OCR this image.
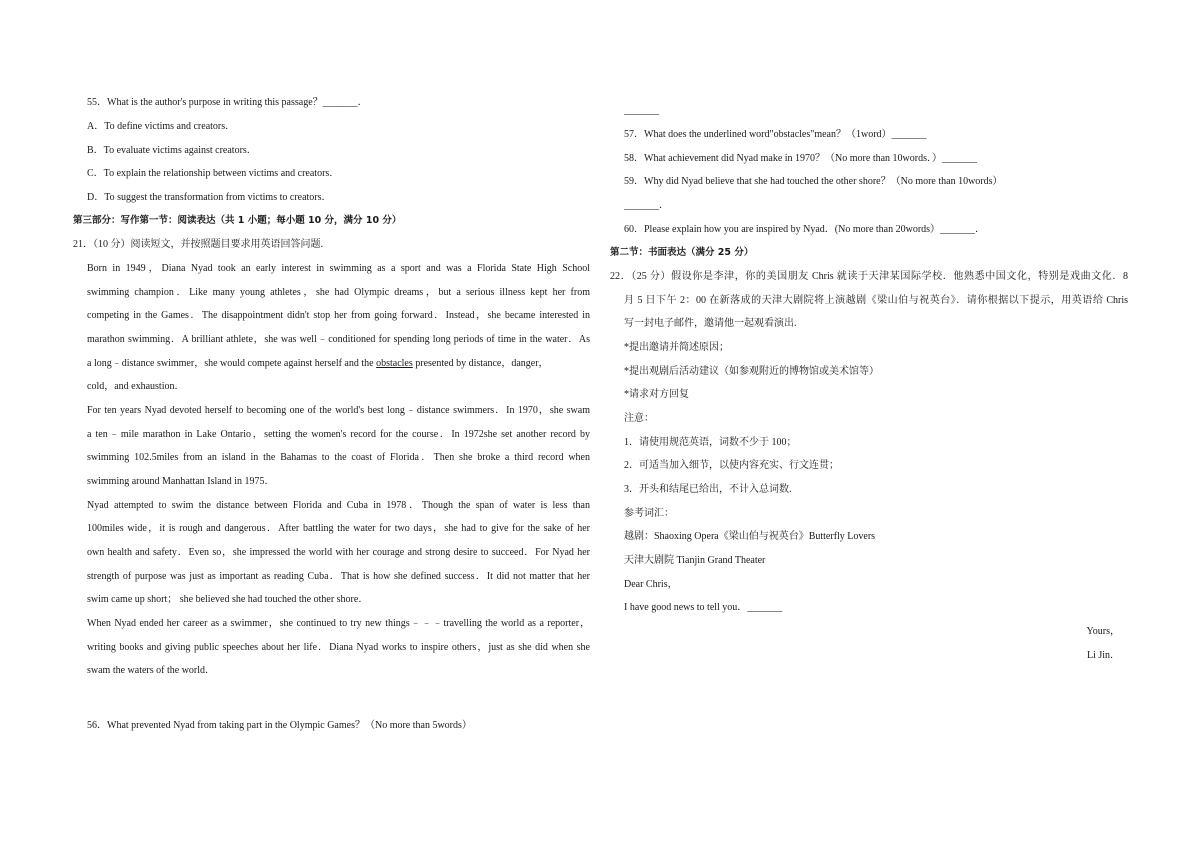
55．What is the author's purpose in writing this passage？_______．
A．To define victims and creators．
B．To evaluate victims against creators．
C．To explain the relationship between victims and creators．
D．To suggest the transformation from victims to creators．
第三部分：写作第一节：阅读表达（共 1 小题；每小题 10 分，满分 10 分）
21．（10 分）阅读短文，并按照题目要求用英语回答问题.
Born in 1949，Diana Nyad took an early interest in swimming as a sport and was a Florida State High School
swimming champion．Like many young athletes，she had Olympic dreams，but a serious illness kept her from
competing in the Games．The disappointment didn't stop her from going forward．Instead，she became interested in
marathon swimming．A brilliant athlete，she was well﹣conditioned for spending long periods of time in the water．As
a long﹣distance swimmer，she would compete against herself and the obstacles presented by distance，danger，
cold，and exhaustion．
For ten years Nyad devoted herself to becoming one of the world's best long﹣distance swimmers．In 1970，she swam
a ten﹣mile marathon in Lake Ontario，setting the women's record for the course．In 1972she set another record by
swimming 102.5miles from an island in the Bahamas to the coast of Florida．Then she broke a third record when
swimming around Manhattan Island in 1975．
Nyad attempted to swim the distance between Florida and Cuba in 1978．Though the span of water is less than
100miles wide，it is rough and dangerous．After battling the water for two days，she had to give for the sake of her
own health and safety．Even so，she impressed the world with her courage and strong desire to succeed．For Nyad her
strength of purpose was just as important as reading Cuba．That is how she defined success．It did not matter that her
swim came up short； she believed she had touched the other shore．
When Nyad ended her career as a swimmer，she continued to try new things﹣﹣﹣travelling the world as a reporter，
writing books and giving public speeches about her life．Diana Nyad works to inspire others，just as she did when she
swam the waters of the world．
56．What prevented Nyad from taking part in the Olympic Games？（No more than 5words）
_______
57．What does the underlined word"obstacles"mean？（1word）_______
58．What achievement did Nyad make in 1970？（No more than 10words．）_______
59．Why did Nyad believe that she had touched the other shore？（No more than 10words）
_______．
60．Please explain how you are inspired by Nyad．(No more than 20words）_______．
第二节：书面表达（满分 25 分）
22．（25 分）假设你是李津，你的美国朋友 Chris 就读于天津某国际学校．他熟悉中国文化，特别是戏曲文化．8
月 5 日下午 2：00 在新落成的天津大剧院将上演越剧《梁山伯与祝英台》．请你根据以下提示，用英语给 Chris
写一封电子邮件，邀请他一起观看演出.
*提出邀请并简述原因；
*提出观剧后活动建议（如参观附近的博物馆或美术馆等）
*请求对方回复
注意：
1．请使用规范英语，词数不少于 100；
2．可适当加入细节，以使内容充实、行文连贯；
3．开头和结尾已给出，不计入总词数.
参考词汇：
越剧：Shaoxing Opera《梁山伯与祝英台》Butterfly Lovers
天津大剧院 Tianjin Grand Theater
Dear Chris，
I have good news to tell you．_______
Yours，
Li Jin．
